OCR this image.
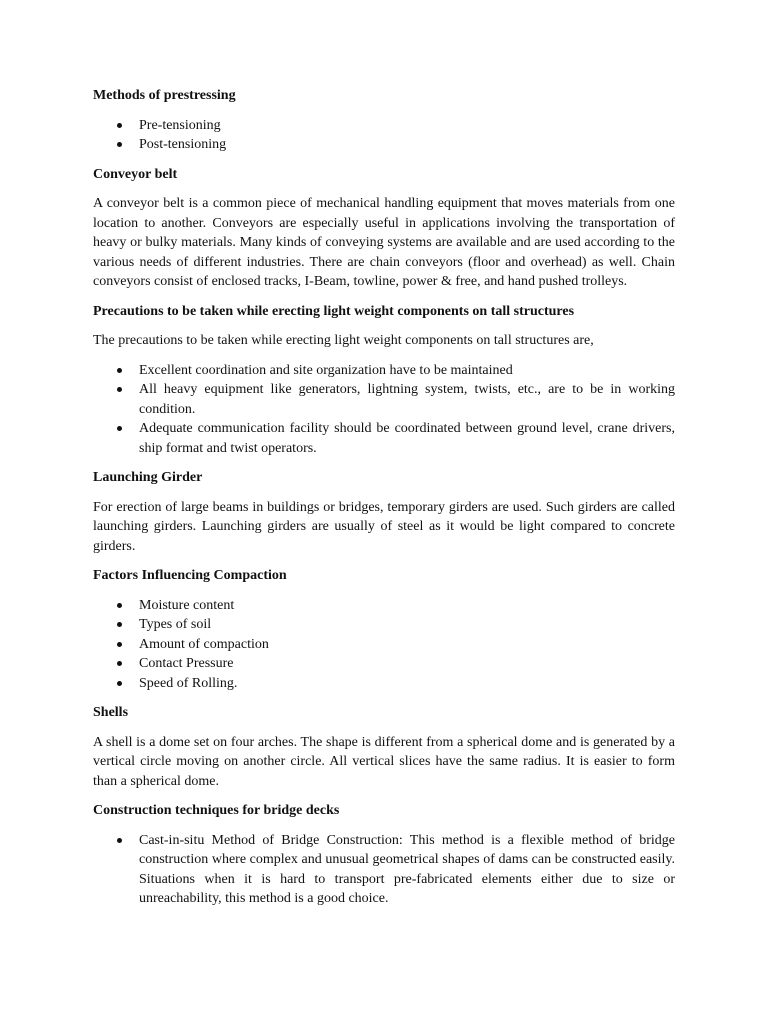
Methods of prestressing
Pre-tensioning
Post-tensioning
Conveyor belt

A conveyor belt is a common piece of mechanical handling equipment that moves materials from one location to another. Conveyors are especially useful in applications involving the transportation of heavy or bulky materials. Many kinds of conveying systems are available and are used according to the various needs of different industries. There are chain conveyors (floor and overhead) as well. Chain conveyors consist of enclosed tracks, I-Beam, towline, power & free, and hand pushed trolleys.

Precautions to be taken while erecting light weight components on tall structures

The precautions to be taken while erecting light weight components on tall structures are,

Excellent coordination and site organization have to be maintained
All heavy equipment like generators, lightning system, twists, etc., are to be in working condition.
Adequate communication facility should be coordinated between ground level, crane drivers, ship format and twist operators.
Launching Girder

For erection of large beams in buildings or bridges, temporary girders are used. Such girders are called launching girders. Launching girders are usually of steel as it would be light compared to concrete girders.

Factors Influencing Compaction
Moisture content
Types of soil
Amount of compaction
Contact Pressure
Speed of Rolling.
Shells

A shell is a dome set on four arches. The shape is different from a spherical dome and is generated by a vertical circle moving on another circle. All vertical slices have the same radius. It is easier to form than a spherical dome.

Construction techniques for bridge decks
Cast-in-situ Method of Bridge Construction: This method is a flexible method of bridge construction where complex and unusual geometrical shapes of dams can be constructed easily. Situations when it is hard to transport pre-fabricated elements either due to size or unreachability, this method is a good choice.
